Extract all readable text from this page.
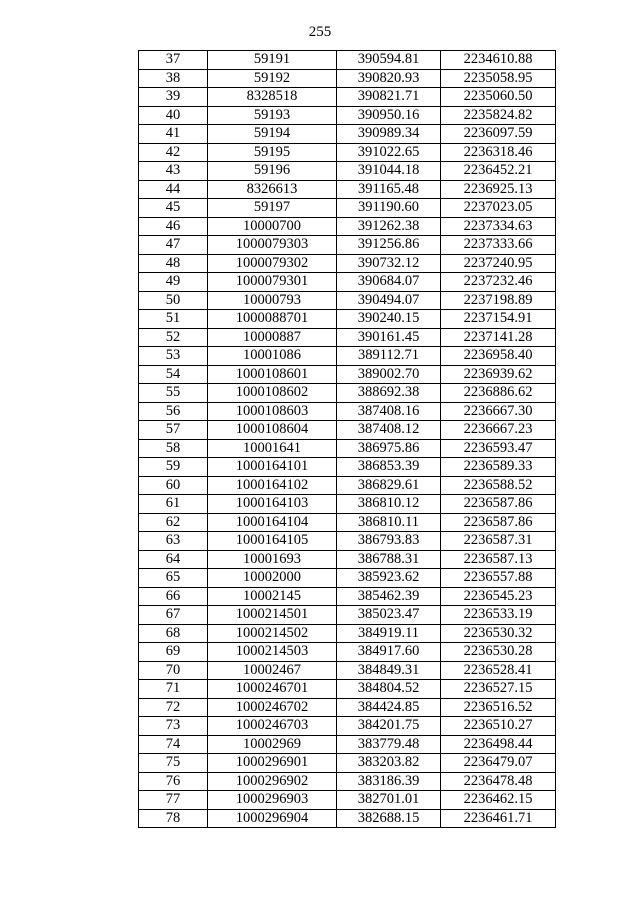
255
37	59191	390594.81	2234610.88
38	59192	390820.93	2235058.95
39	8328518	390821.71	2235060.50
40	59193	390950.16	2235824.82
41	59194	390989.34	2236097.59
42	59195	391022.65	2236318.46
43	59196	391044.18	2236452.21
44	8326613	391165.48	2236925.13
45	59197	391190.60	2237023.05
46	10000700	391262.38	2237334.63
47	1000079303	391256.86	2237333.66
48	1000079302	390732.12	2237240.95
49	1000079301	390684.07	2237232.46
50	10000793	390494.07	2237198.89
51	1000088701	390240.15	2237154.91
52	10000887	390161.45	2237141.28
53	10001086	389112.71	2236958.40
54	1000108601	389002.70	2236939.62
55	1000108602	388692.38	2236886.62
56	1000108603	387408.16	2236667.30
57	1000108604	387408.12	2236667.23
58	10001641	386975.86	2236593.47
59	1000164101	386853.39	2236589.33
60	1000164102	386829.61	2236588.52
61	1000164103	386810.12	2236587.86
62	1000164104	386810.11	2236587.86
63	1000164105	386793.83	2236587.31
64	10001693	386788.31	2236587.13
65	10002000	385923.62	2236557.88
66	10002145	385462.39	2236545.23
67	1000214501	385023.47	2236533.19
68	1000214502	384919.11	2236530.32
69	1000214503	384917.60	2236530.28
70	10002467	384849.31	2236528.41
71	1000246701	384804.52	2236527.15
72	1000246702	384424.85	2236516.52
73	1000246703	384201.75	2236510.27
74	10002969	383779.48	2236498.44
75	1000296901	383203.82	2236479.07
76	1000296902	383186.39	2236478.48
77	1000296903	382701.01	2236462.15
78	1000296904	382688.15	2236461.71
